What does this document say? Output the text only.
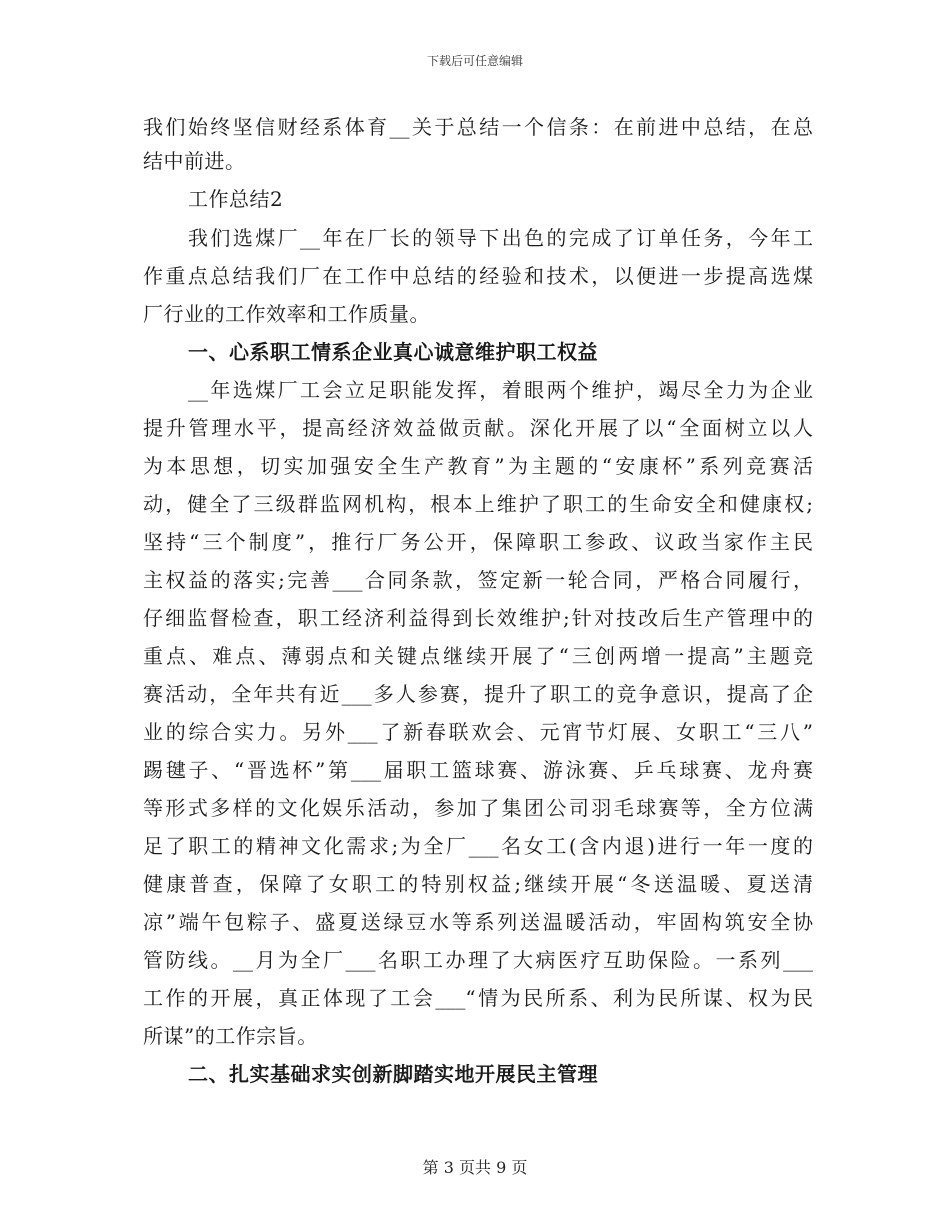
下载后可任意编辑
我们始终坚信财经系体育__关于总结一个信条：在前进中总结，在总
结中前进。
工作总结2
我们选煤厂__年在厂长的领导下出色的完成了订单任务，今年工
作重点总结我们厂在工作中总结的经验和技术，以便进一步提高选煤
厂行业的工作效率和工作质量。
一、心系职工情系企业真心诚意维护职工权益
__年选煤厂工会立足职能发挥，着眼两个维护，竭尽全力为企业
提升管理水平，提高经济效益做贡献。深化开展了以“全面树立以人
为本思想，切实加强安全生产教育”为主题的“安康杯”系列竞赛活
动，健全了三级群监网机构，根本上维护了职工的生命安全和健康权;
坚持“三个制度”，推行厂务公开，保障职工参政、议政当家作主民
主权益的落实;完善___合同条款，签定新一轮合同，严格合同履行，
仔细监督检查，职工经济利益得到长效维护;针对技改后生产管理中的
重点、难点、薄弱点和关键点继续开展了“三创两增一提高”主题竞
赛活动，全年共有近___多人参赛，提升了职工的竞争意识，提高了企
业的综合实力。另外___了新春联欢会、元宵节灯展、女职工“三八”
踢毽子、“晋选杯”第___届职工篮球赛、游泳赛、乒乓球赛、龙舟赛
等形式多样的文化娱乐活动，参加了集团公司羽毛球赛等，全方位满
足了职工的精神文化需求;为全厂___名女工(含内退)进行一年一度的
健康普查，保障了女职工的特别权益;继续开展“冬送温暖、夏送清
凉”端午包粽子、盛夏送绿豆水等系列送温暖活动，牢固构筑安全协
管防线。__月为全厂___名职工办理了大病医疗互助保险。一系列___
工作的开展，真正体现了工会___“情为民所系、利为民所谋、权为民
所谋”的工作宗旨。
二、扎实基础求实创新脚踏实地开展民主管理
第 3 页共 9 页
